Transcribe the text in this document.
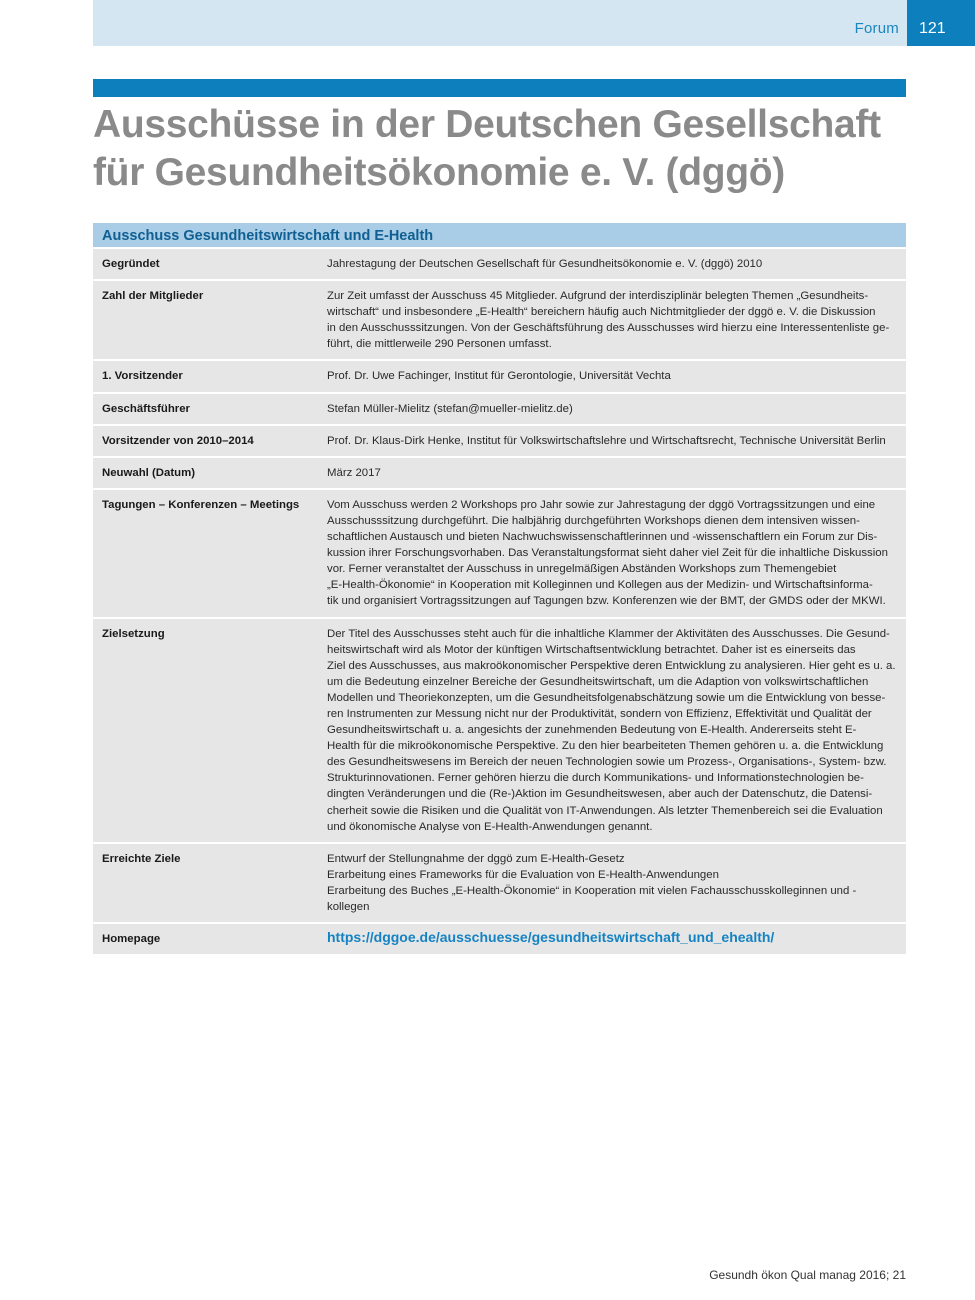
Forum 121
Ausschüsse in der Deutschen Gesellschaft für Gesundheitsökonomie e. V. (dggö)
Ausschuss Gesundheitswirtschaft und E-Health
Gegründet	Jahrestagung der Deutschen Gesellschaft für Gesundheitsökonomie e. V. (dggö) 2010
Zahl der Mitglieder	Zur Zeit umfasst der Ausschuss 45 Mitglieder. Aufgrund der interdisziplinär belegten Themen „Gesundheits-
wirtschaft“ und insbesondere „E-Health“ bereichern häufig auch Nichtmitglieder der dggö e. V. die Diskussion
in den Ausschusssitzungen. Von der Geschäftsführung des Ausschusses wird hierzu eine Interessentenliste ge-
führt, die mittlerweile 290 Personen umfasst.
1. Vorsitzender	Prof. Dr. Uwe Fachinger, Institut für Gerontologie, Universität Vechta
Geschäftsführer	Stefan Müller-Mielitz (stefan@mueller-mielitz.de)
Vorsitzender von 2010–2014	Prof. Dr. Klaus-Dirk Henke, Institut für Volkswirtschaftslehre und Wirtschaftsrecht, Technische Universität Berlin
Neuwahl (Datum)	März 2017
Tagungen – Konferenzen – Meetings	Vom Ausschuss werden 2 Workshops pro Jahr sowie zur Jahrestagung der dggö Vortragssitzungen und eine
Ausschusssitzung durchgeführt. Die halbjährig durchgeführten Workshops dienen dem intensiven wissen-
schaftlichen Austausch und bieten Nachwuchswissenschaftlerinnen und -wissenschaftlern ein Forum zur Dis-
kussion ihrer Forschungsvorhaben. Das Veranstaltungsformat sieht daher viel Zeit für die inhaltliche Diskussion
vor. Ferner veranstaltet der Ausschuss in unregelmäßigen Abständen Workshops zum Themengebiet
„E-Health-Ökonomie“ in Kooperation mit Kolleginnen und Kollegen aus der Medizin- und Wirtschaftsinforma-
tik und organisiert Vortragssitzungen auf Tagungen bzw. Konferenzen wie der BMT, der GMDS oder der MKWI.
Zielsetzung	Der Titel des Ausschusses steht auch für die inhaltliche Klammer der Aktivitäten des Ausschusses. Die Gesund-
heitswirtschaft wird als Motor der künftigen Wirtschaftsentwicklung betrachtet. Daher ist es einerseits das
Ziel des Ausschusses, aus makroökonomischer Perspektive deren Entwicklung zu analysieren. Hier geht es u. a.
um die Bedeutung einzelner Bereiche der Gesundheitswirtschaft, um die Adaption von volkswirtschaftlichen
Modellen und Theoriekonzepten, um die Gesundheitsfolgenabschätzung sowie um die Entwicklung von besse-
ren Instrumenten zur Messung nicht nur der Produktivität, sondern von Effizienz, Effektivität und Qualität der
Gesundheitswirtschaft u. a. angesichts der zunehmenden Bedeutung von E-Health. Andererseits steht E-
Health für die mikroökonomische Perspektive. Zu den hier bearbeiteten Themen gehören u. a. die Entwicklung
des Gesundheitswesens im Bereich der neuen Technologien sowie um Prozess-, Organisations-, System- bzw.
Strukturinnovationen. Ferner gehören hierzu die durch Kommunikations- und Informationstechnologien be-
dingten Veränderungen und die (Re-)Aktion im Gesundheitswesen, aber auch der Datenschutz, die Datensi-
cherheit sowie die Risiken und die Qualität von IT-Anwendungen. Als letzter Themenbereich sei die Evaluation
und ökonomische Analyse von E-Health-Anwendungen genannt.
Erreichte Ziele	Entwurf der Stellungnahme der dggö zum E-Health-Gesetz
Erarbeitung eines Frameworks für die Evaluation von E-Health-Anwendungen
Erarbeitung des Buches „E-Health-Ökonomie“ in Kooperation mit vielen Fachausschusskolleginnen und -kollegen
Homepage	https://dggoe.de/ausschuesse/gesundheitswirtschaft_und_ehealth/
Gesundh ökon Qual manag 2016; 21
